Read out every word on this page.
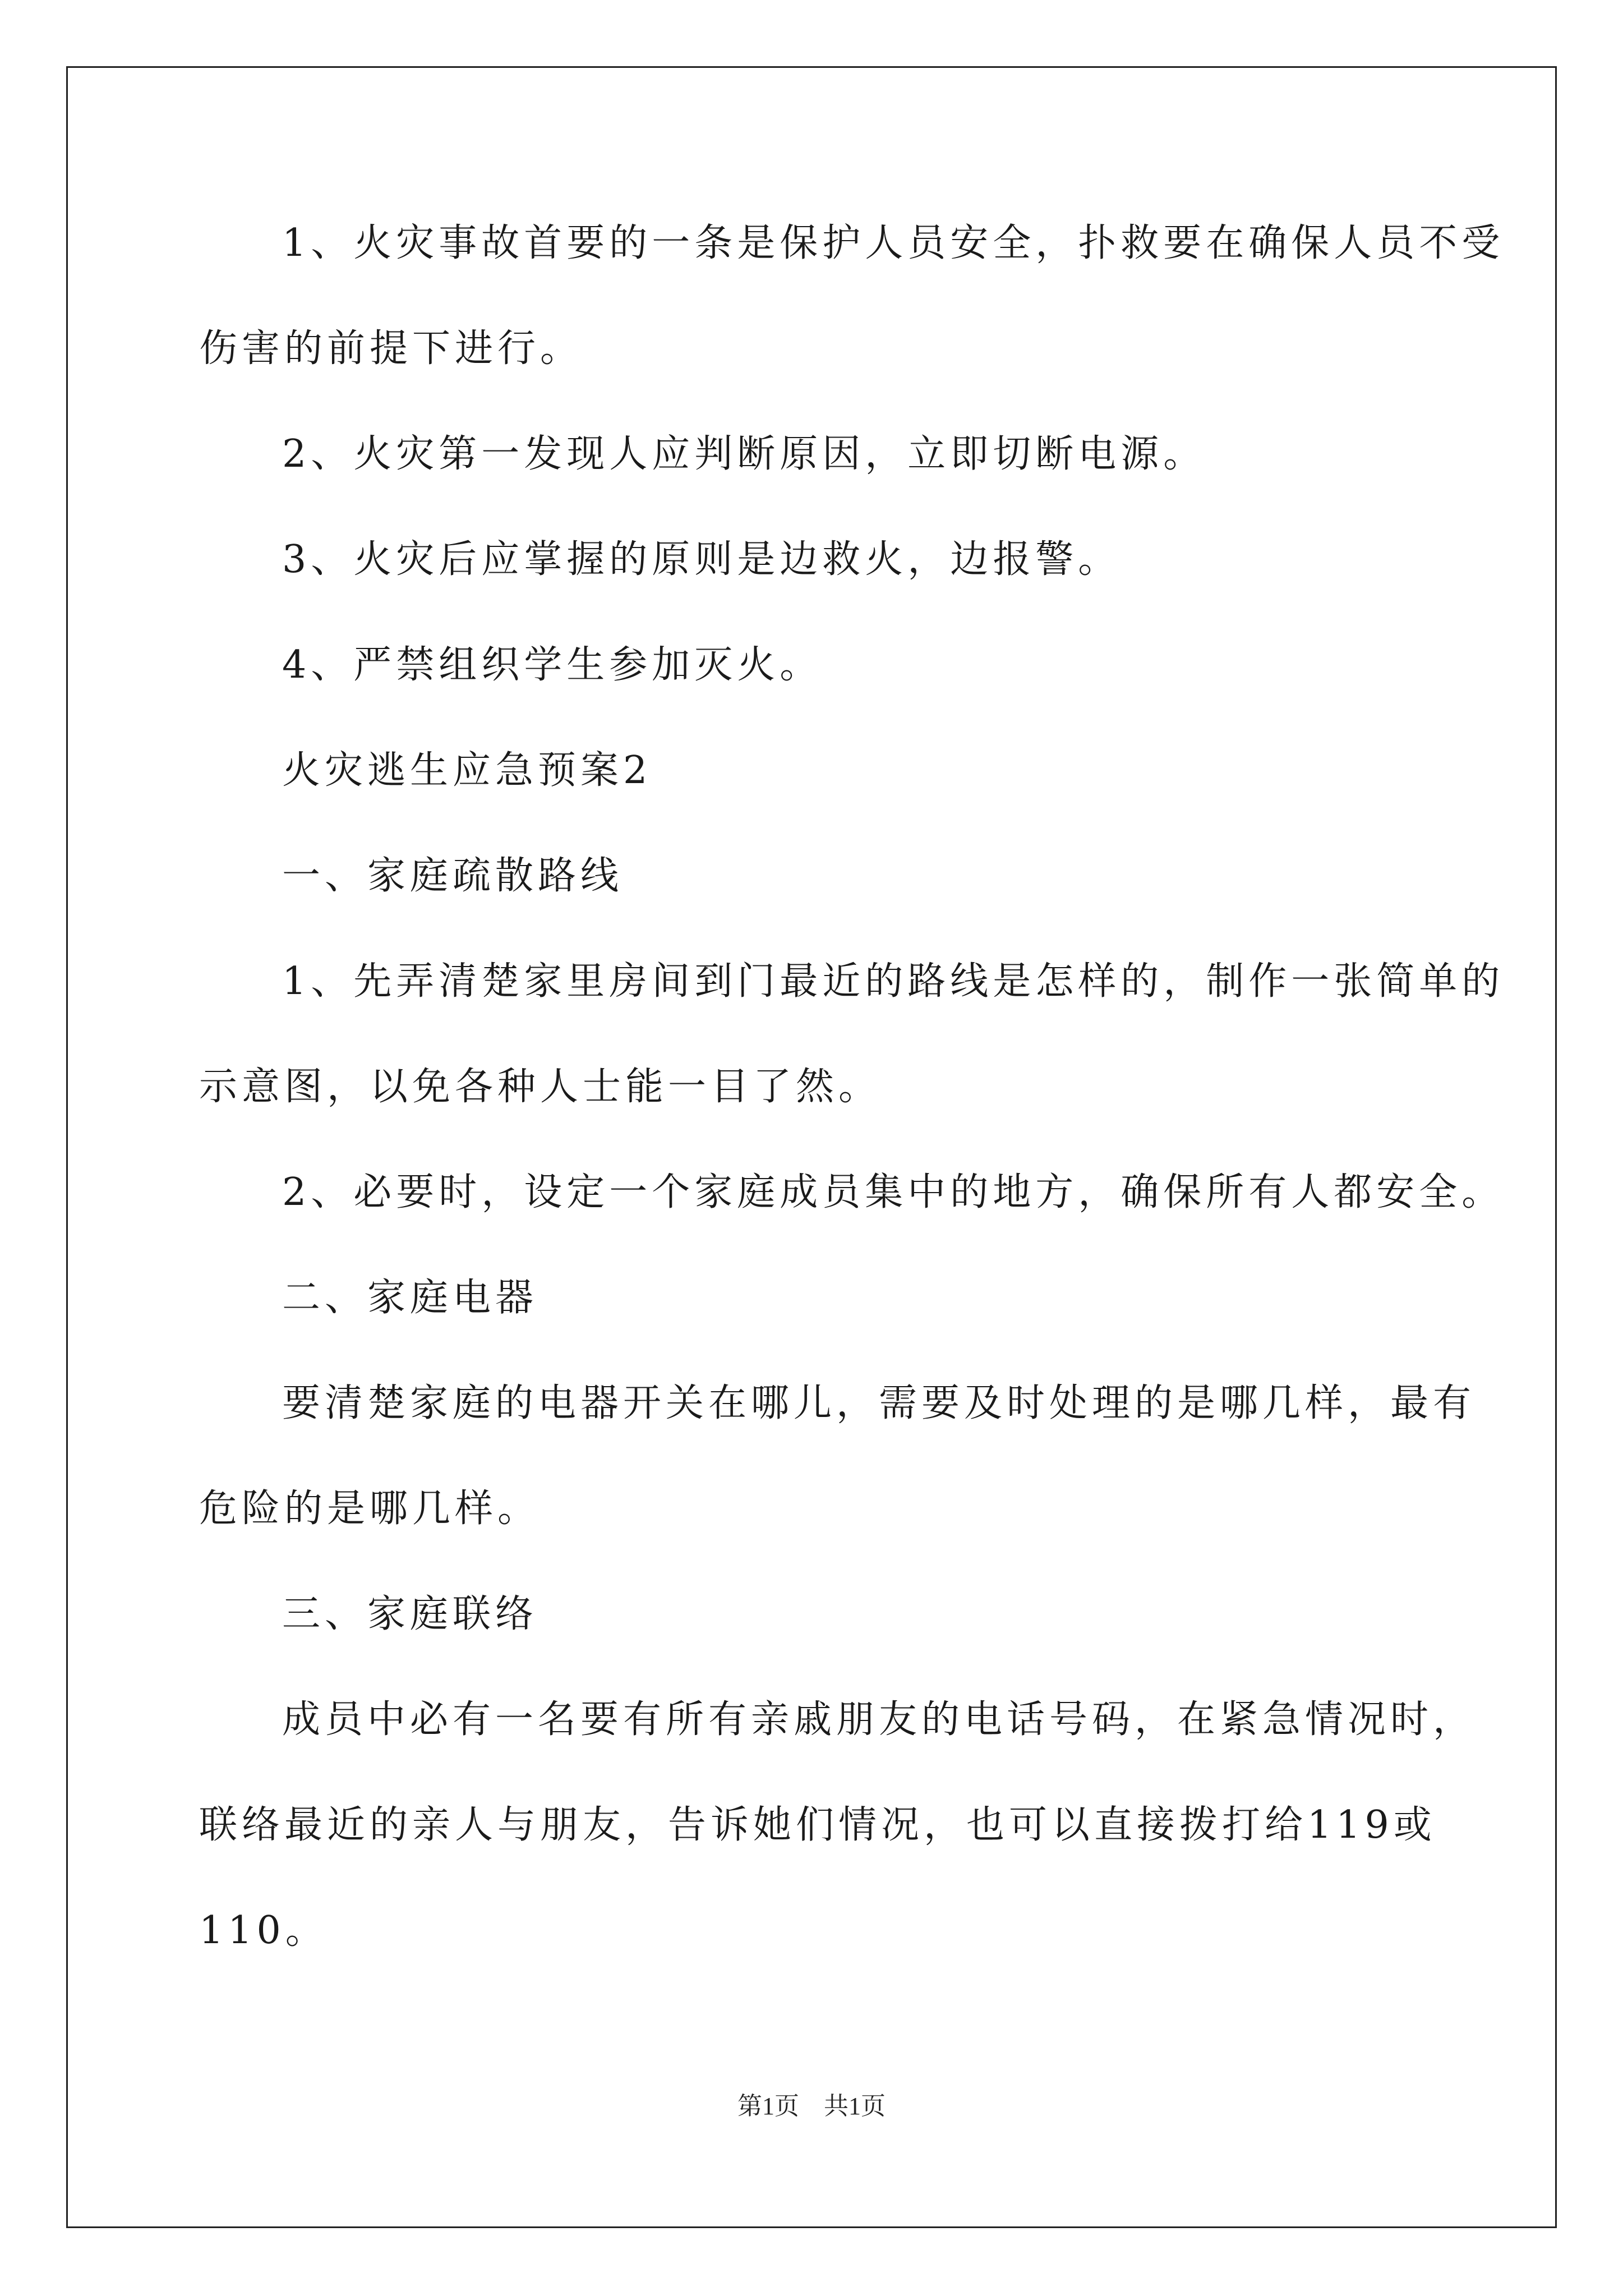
1、火灾事故首要的一条是保护人员安全，扑救要在确保人员不受

伤害的前提下进行。

2、火灾第一发现人应判断原因，立即切断电源。

3、火灾后应掌握的原则是边救火，边报警。

4、严禁组织学生参加灭火。

火灾逃生应急预案2

一、家庭疏散路线

1、先弄清楚家里房间到门最近的路线是怎样的，制作一张简单的

示意图，以免各种人士能一目了然。

2、必要时，设定一个家庭成员集中的地方，确保所有人都安全。

二、家庭电器

要清楚家庭的电器开关在哪儿，需要及时处理的是哪几样，最有

危险的是哪几样。

三、家庭联络

成员中必有一名要有所有亲戚朋友的电话号码，在紧急情况时，

联络最近的亲人与朋友，告诉她们情况，也可以直接拨打给119或

110。

第1页　共1页
